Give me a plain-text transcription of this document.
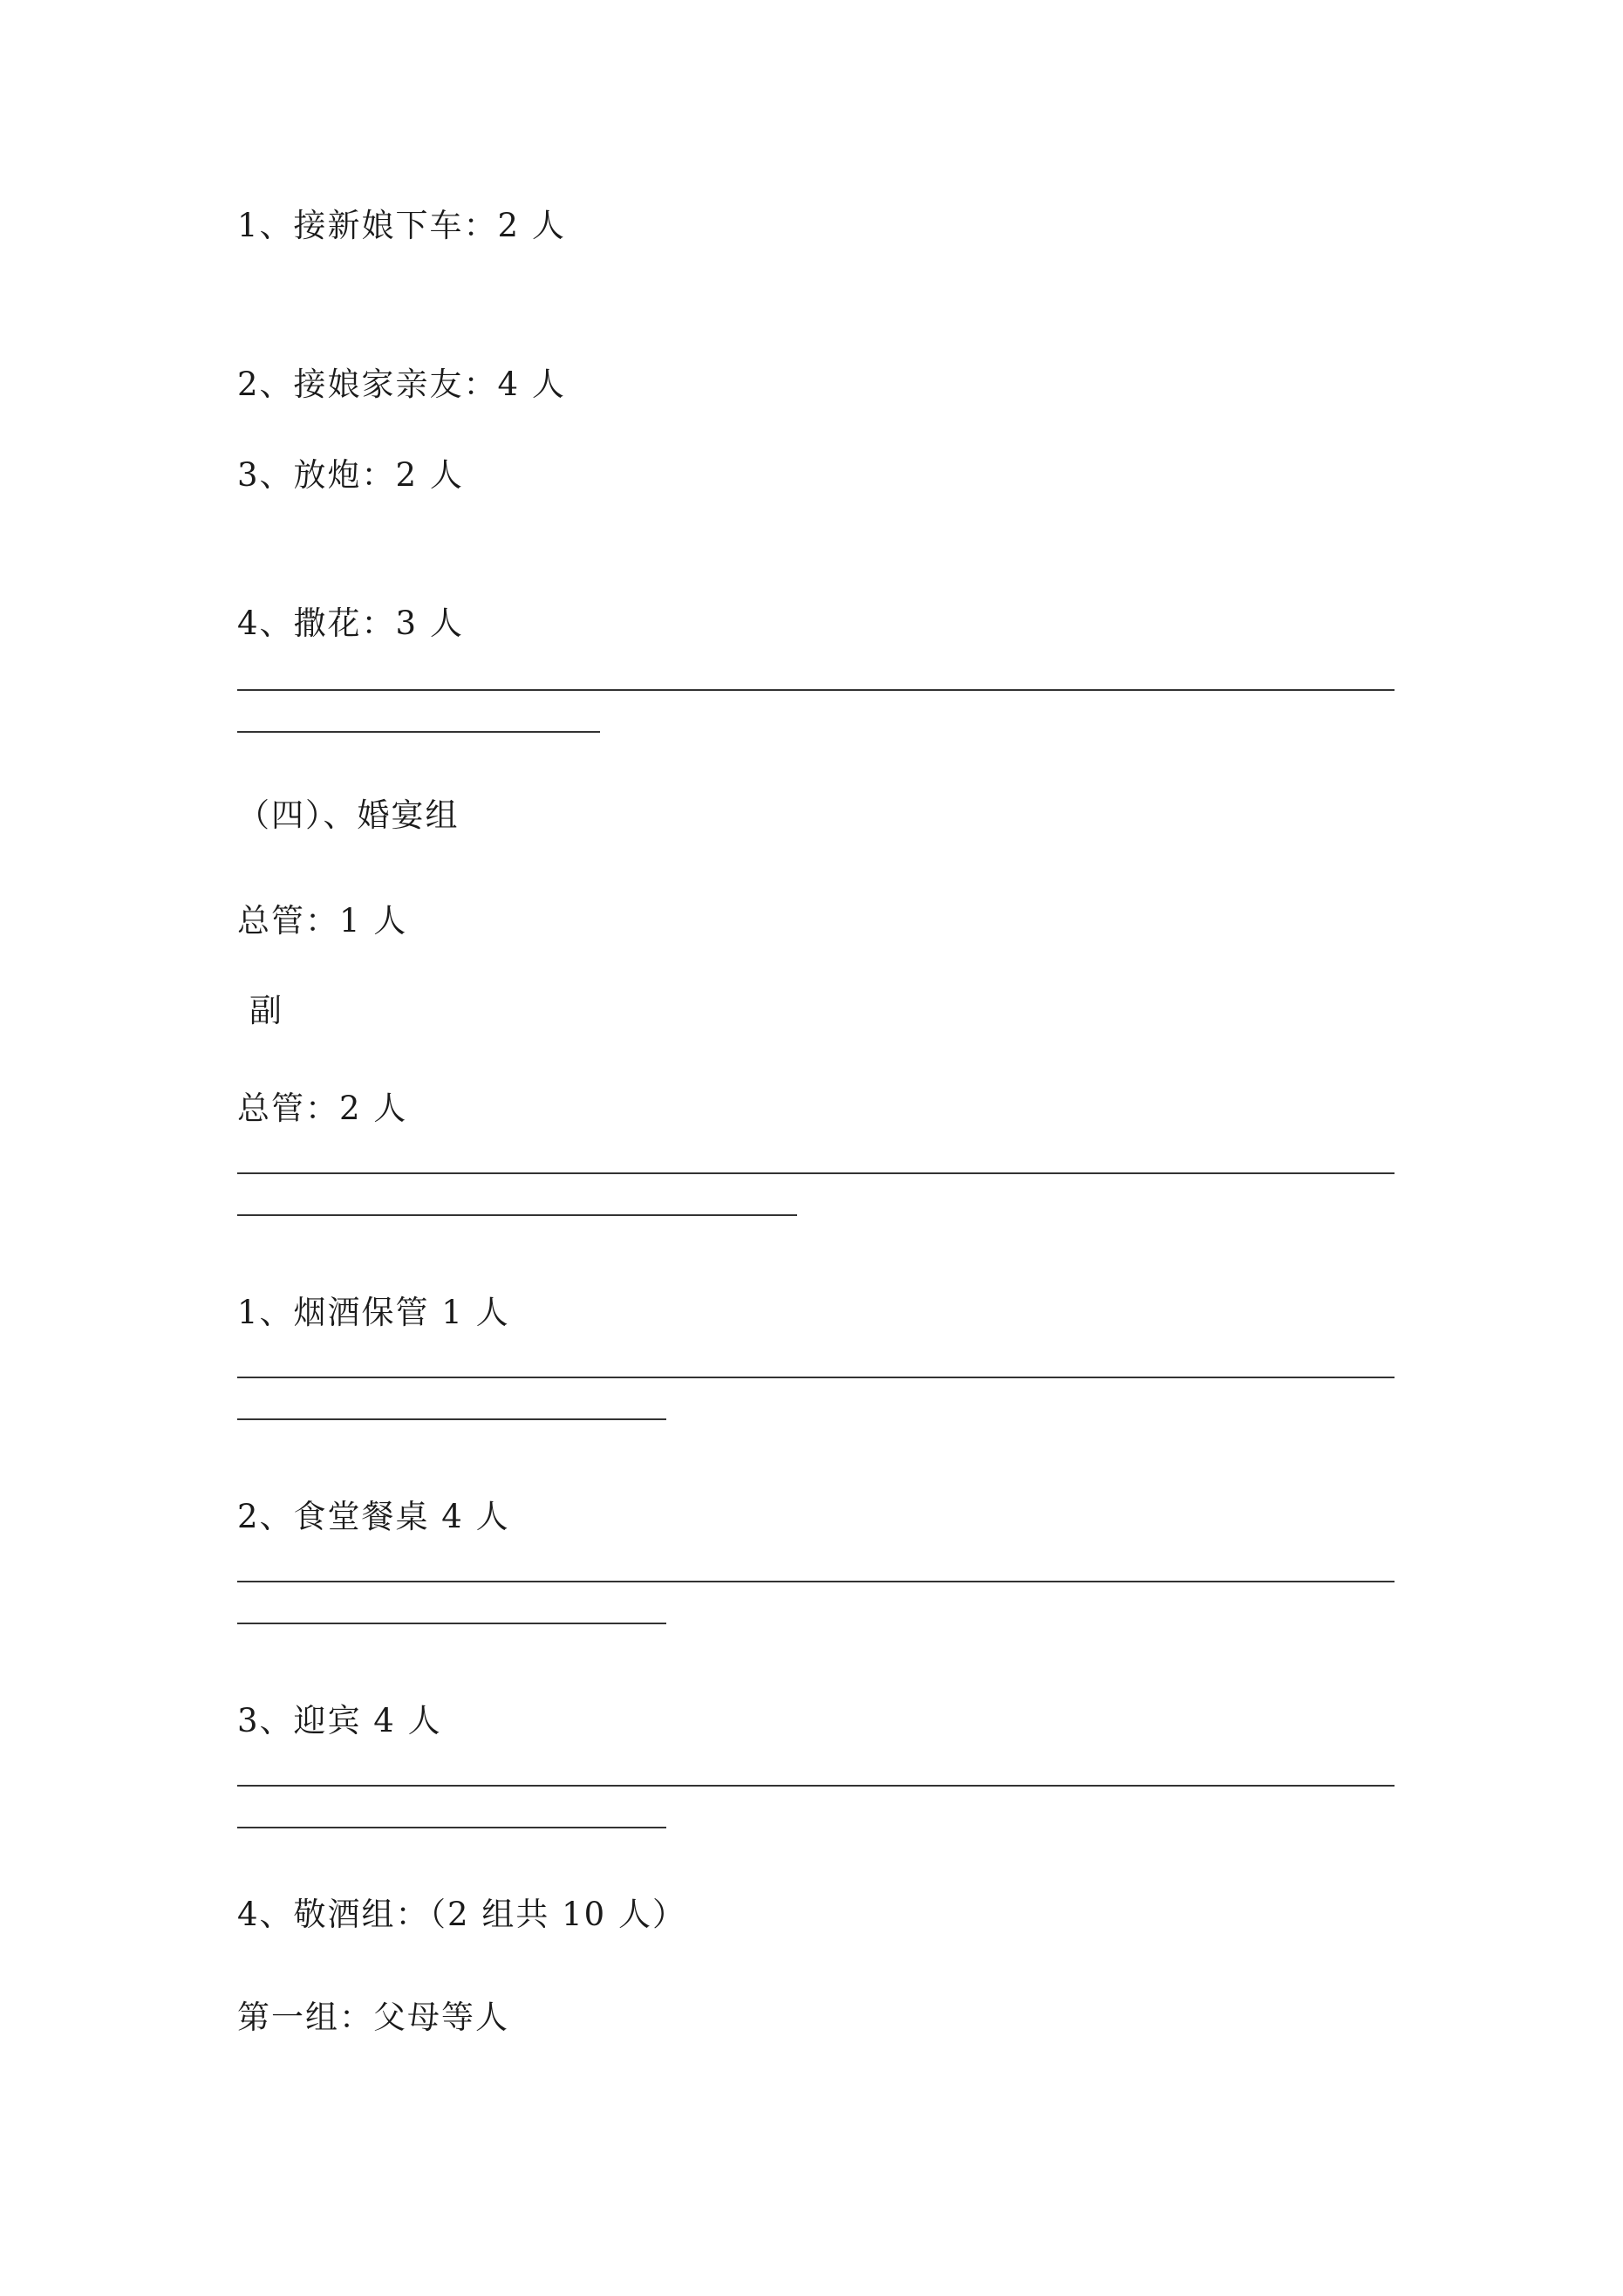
1、接新娘下车：2 人
2、接娘家亲友：4 人
3、放炮：2 人
4、撒花：3 人
（四）、婚宴组
总管：1 人
副
总管：2 人
1、烟酒保管 1 人
2、食堂餐桌 4 人
3、迎宾 4 人
4、敬酒组：（2 组共 10 人）
第一组：父母等人
